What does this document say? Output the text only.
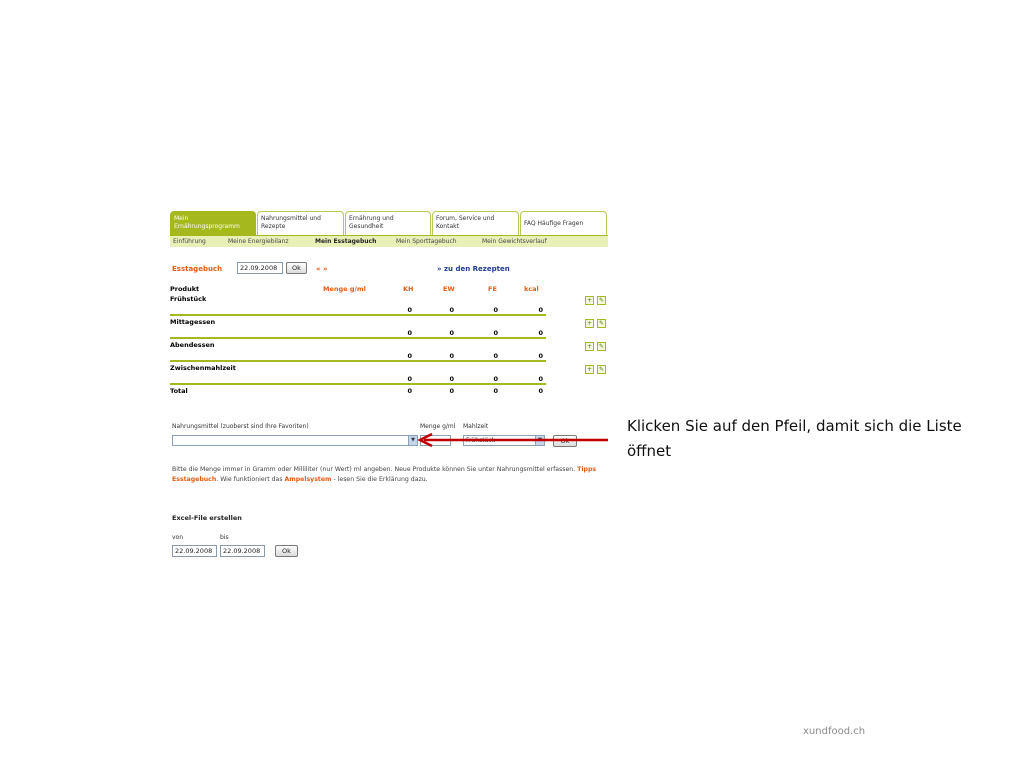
Mein Ernährungsprogramm
Nahrungsmittel und Rezepte
Ernährung und Gesundheit
Forum, Service und Kontakt	FAQ Häufige Fragen
Einführung	Meine Energiebilanz	Mein Esstagebuch	Mein Sporttagebuch	Mein Gewichtsverlauf
Esstagebuch	22.09.2008	Ok	« »	» zu den Rezepten
Produkt	Menge g/ml	KH	EW	FE	kcal
Frühstück
0	0	0	0
+	✎
Mittagessen
0	0	0	0
+	✎
Abendessen
0	0	0	0
+	✎
Zwischenmahlzeit
0	0	0	0
+	✎
Total	0	0	0	0
Nahrungsmittel (zuoberst sind Ihre Favoriten)	Menge g/ml Mahlzeit
▼	Frühstück	▼	Ok
Bitte die Menge immer in Gramm oder Milliliter (nur Wert) ml angeben. Neue Produkte können Sie unter Nahrungsmittel erfassen. Tipps Esstagebuch. Wie funktioniert das Ampelsystem - lesen Sie die Erklärung dazu.
Excel-File erstellen
von	bis
22.09.2008	22.09.2008	Ok
Klicken Sie auf den Pfeil, damit sich die Liste öffnet
xundfood.ch
